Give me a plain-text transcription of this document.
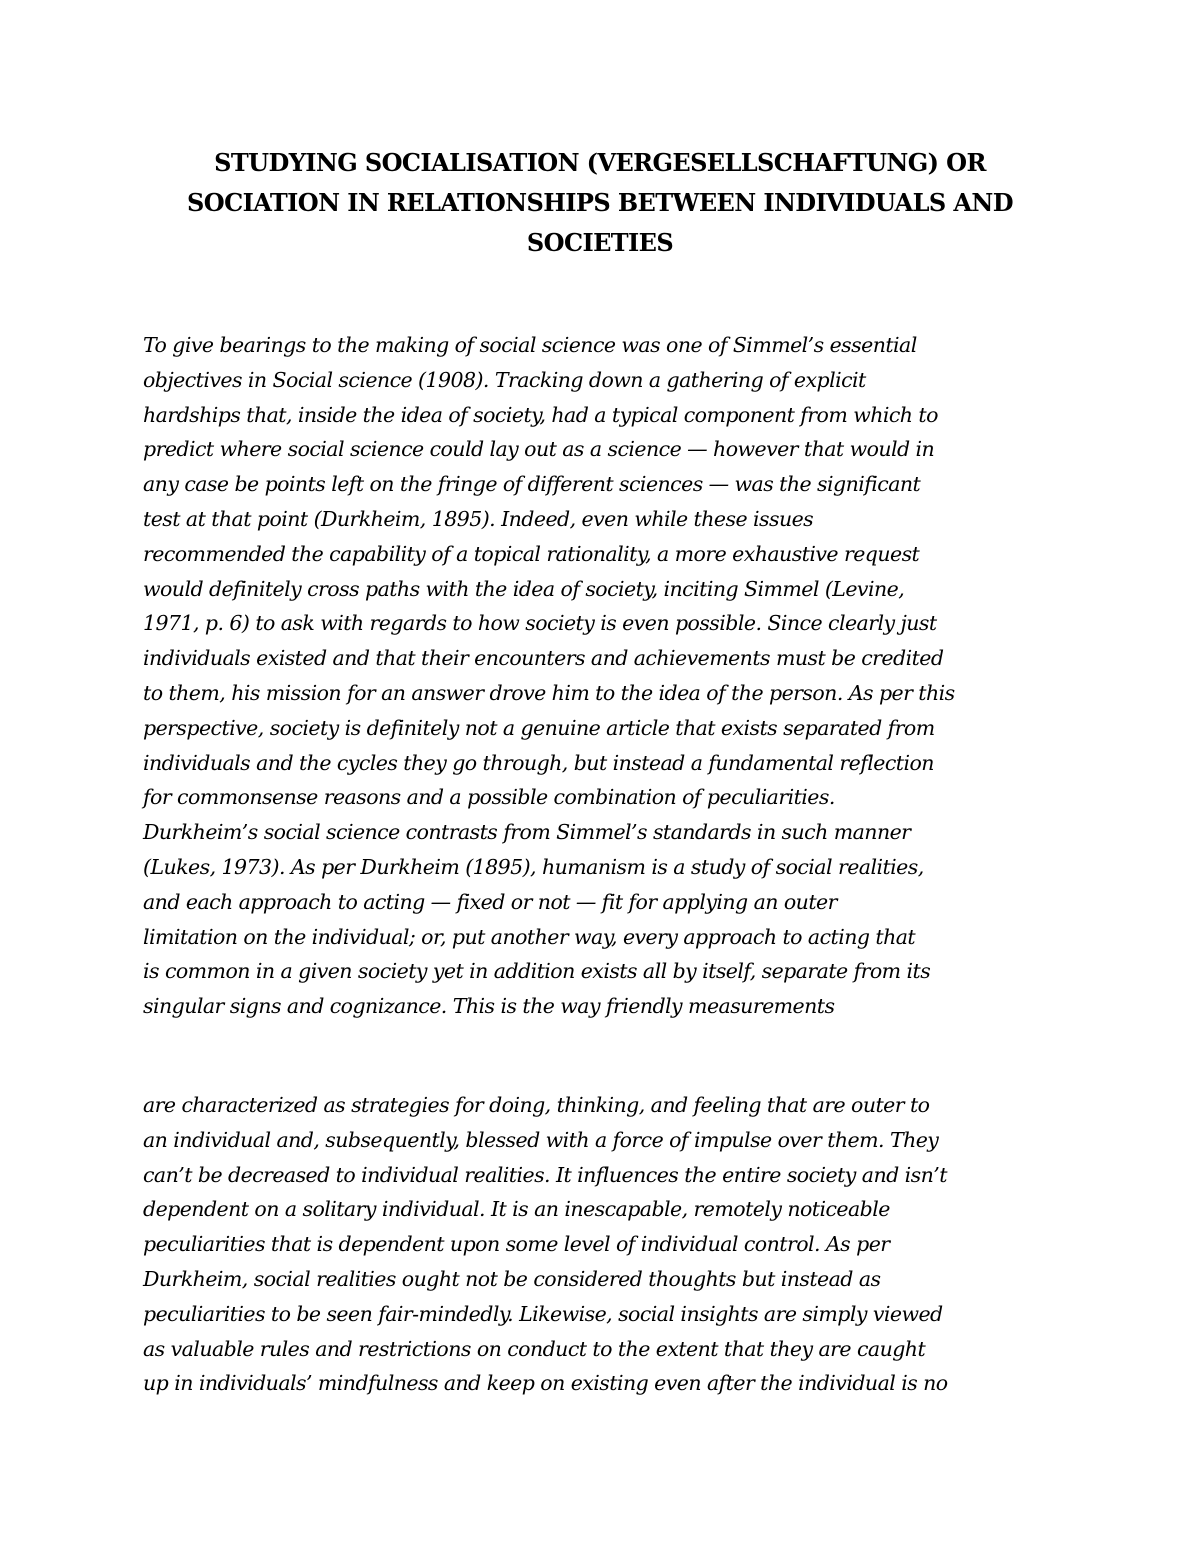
STUDYING SOCIALISATION (VERGESELLSCHAFTUNG) OR
SOCIATION IN RELATIONSHIPS BETWEEN INDIVIDUALS AND
SOCIETIES

To give bearings to the making of social science was one of Simmel’s essential
objectives in Social science (1908). Tracking down a gathering of explicit
hardships that, inside the idea of society, had a typical component from which to
predict where social science could lay out as a science — however that would in
any case be points left on the fringe of different sciences — was the significant
test at that point (Durkheim, 1895). Indeed, even while these issues
recommended the capability of a topical rationality, a more exhaustive request
would definitely cross paths with the idea of society, inciting Simmel (Levine,
1971, p. 6) to ask with regards to how society is even possible. Since clearly just
individuals existed and that their encounters and achievements must be credited
to them, his mission for an answer drove him to the idea of the person. As per this
perspective, society is definitely not a genuine article that exists separated from
individuals and the cycles they go through, but instead a fundamental reflection
for commonsense reasons and a possible combination of peculiarities.
Durkheim’s social science contrasts from Simmel’s standards in such manner
(Lukes, 1973). As per Durkheim (1895), humanism is a study of social realities,
and each approach to acting — fixed or not — fit for applying an outer
limitation on the individual; or, put another way, every approach to acting that
is common in a given society yet in addition exists all by itself, separate from its
singular signs and cognizance. This is the way friendly measurements

are characterized as strategies for doing, thinking, and feeling that are outer to
an individual and, subsequently, blessed with a force of impulse over them. They
can’t be decreased to individual realities. It influences the entire society and isn’t
dependent on a solitary individual. It is an inescapable, remotely noticeable
peculiarities that is dependent upon some level of individual control. As per
Durkheim, social realities ought not be considered thoughts but instead as
peculiarities to be seen fair-mindedly. Likewise, social insights are simply viewed
as valuable rules and restrictions on conduct to the extent that they are caught
up in individuals’ mindfulness and keep on existing even after the individual is no
